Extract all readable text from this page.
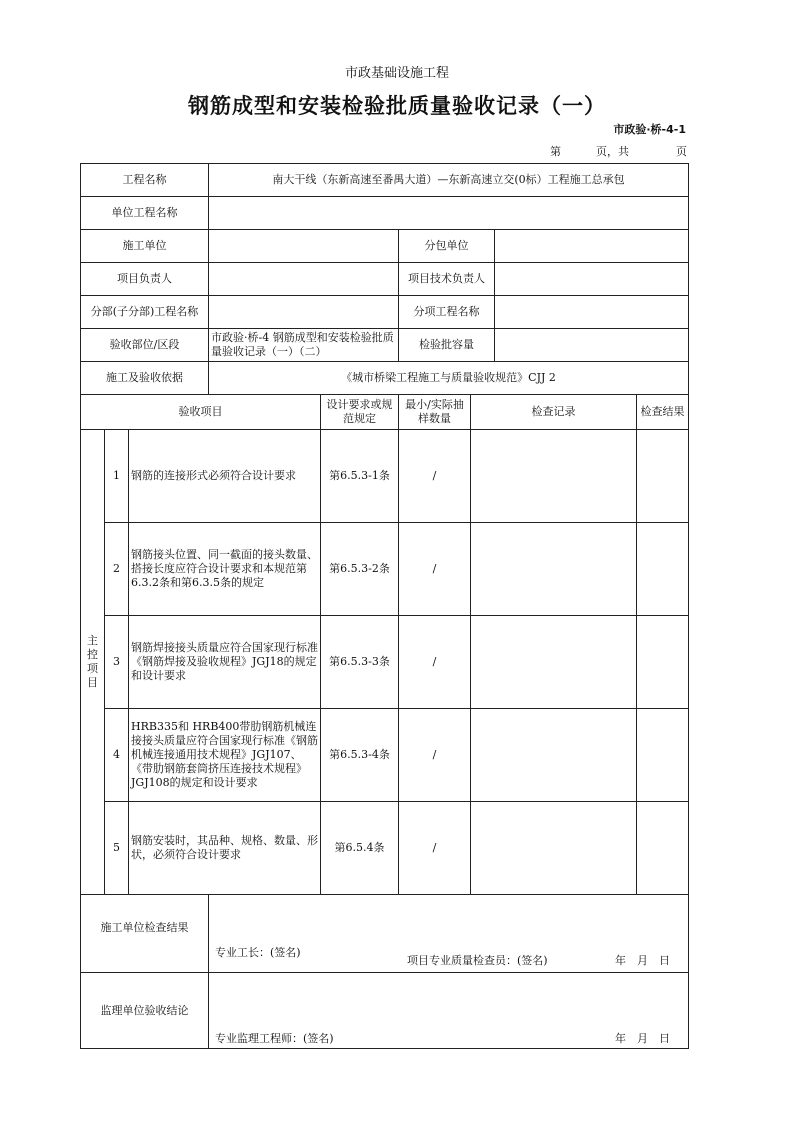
市政基础设施工程
钢筋成型和安装检验批质量验收记录（一）
市政验·桥-4-1
第	页，共	页
工程名称			南大干线（东新高速至番禺大道）—东新高速立交(0标）工程施工总承包					
单位工程名称								
施工单位					分包单位			
项目负责人					项目技术负责人			
分部(子分部)工程名称					分项工程名称			
验收部位/区段			市政验·桥-4 钢筋成型和安装检验批质量验收记录（一）（二）		检验批容量			
施工及验收依据			《城市桥梁工程施工与质量验收规范》CJJ 2					
验收项目				设计要求或规范规定	最小/实际抽样数量	检查记录		检查结果
主控项目	1	钢筋的连接形式必须符合设计要求		第6.5.3-1条	/			
	2	钢筋接头位置、同一截面的接头数量、搭接长度应符合设计要求和本规范第6.3.2条和第6.3.5条的规定		第6.5.3-2条	/			
	3	钢筋焊接接头质量应符合国家现行标准《钢筋焊接及验收规程》JGJ18的规定和设计要求		第6.5.3-3条	/			
	4	HRB335和 HRB400带肋钢筋机械连接接头质量应符合国家现行标准《钢筋机械连接通用技术规程》JGJ107、《带肋钢筋套筒挤压连接技术规程》JGJ108的规定和设计要求		第6.5.3-4条	/			
	5	钢筋安装时，其品种、规格、数量、形状，必须符合设计要求		第6.5.4条	/			
施工单位检查结果			专业工长：(签名)
项目专业质量检查员：(签名) 年　月　日					

监理单位验收结论			专业监理工程师：(签名) 年　月　日					
